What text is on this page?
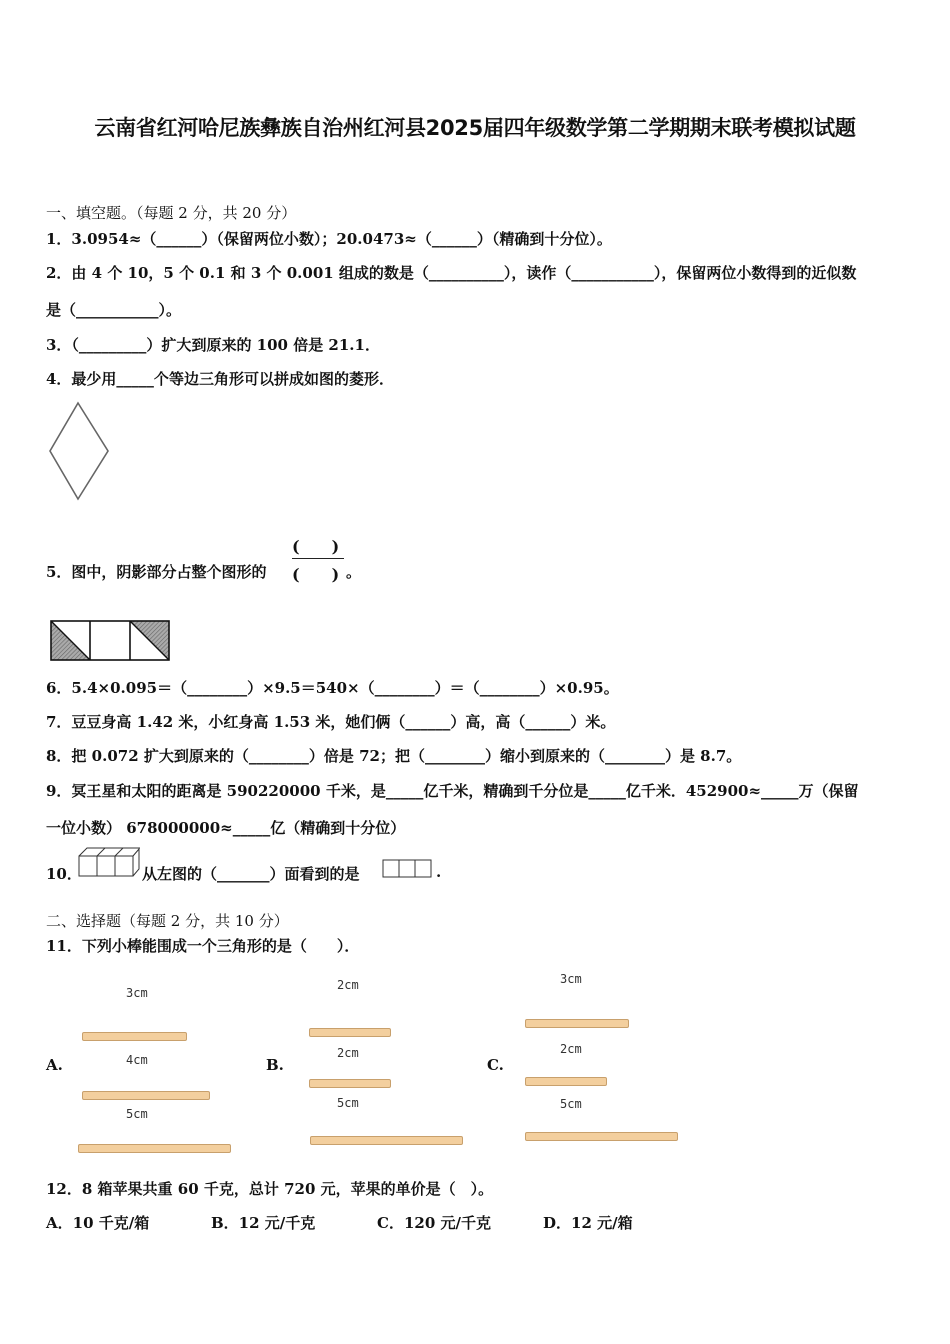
云南省红河哈尼族彝族自治州红河县2025届四年级数学第二学期期末联考模拟试题
一、填空题。（每题 2 分，共 20 分）
1．3.0954≈（______）（保留两位小数）；20.0473≈（______）（精确到十分位）。
2．由 4 个 10，5 个 0.1 和 3 个 0.001 组成的数是（__________），读作（___________），保留两位小数得到的近似数
是（___________）。
3．（_________）扩大到原来的 100 倍是 21.1．
4．最少用_____个等边三角形可以拼成如图的菱形．
(　　)
5．图中，阴影部分占整个图形的 (　　) 。
6．5.4×0.095＝（________）×9.5＝540×（________）＝（________）×0.95。
7．豆豆身高 1.42 米，小红身高 1.53 米，她们俩（______）高，高（______）米。
8．把 0.072 扩大到原来的（________）倍是 72；把（________）缩小到原来的（________）是 8.7。
9．冥王星和太阳的距离是 590220000 千米，是_____亿千米，精确到千分位是_____亿千米．452900≈_____万（保留
一位小数） 678000000≈_____亿（精确到十分位）
10．	从左图的（_______）面看到的是	.
二、选择题（每题 2 分，共 10 分）
11．下列小棒能围成一个三角形的是（　　）．
A.
3cm
4cm
5cm
B.
2cm
2cm
5cm
C.
3cm
2cm
5cm
12．8 箱苹果共重 60 千克，总计 720 元，苹果的单价是（　）。
A．10 千克/箱	B．12 元/千克	C．120 元/千克	D．12 元/箱
